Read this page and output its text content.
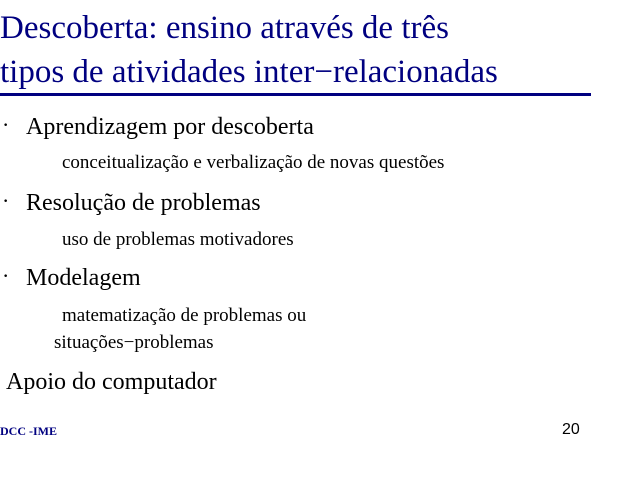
Descoberta: ensino através de três
tipos de atividades inter−relacionadas
· Aprendizagem por descoberta
conceitualização e verbalização de novas questões
· Resolução de problemas
uso de problemas motivadores
· Modelagem
matematização de problemas ou
situações−problemas
Apoio do computador
DCC -IME	20
